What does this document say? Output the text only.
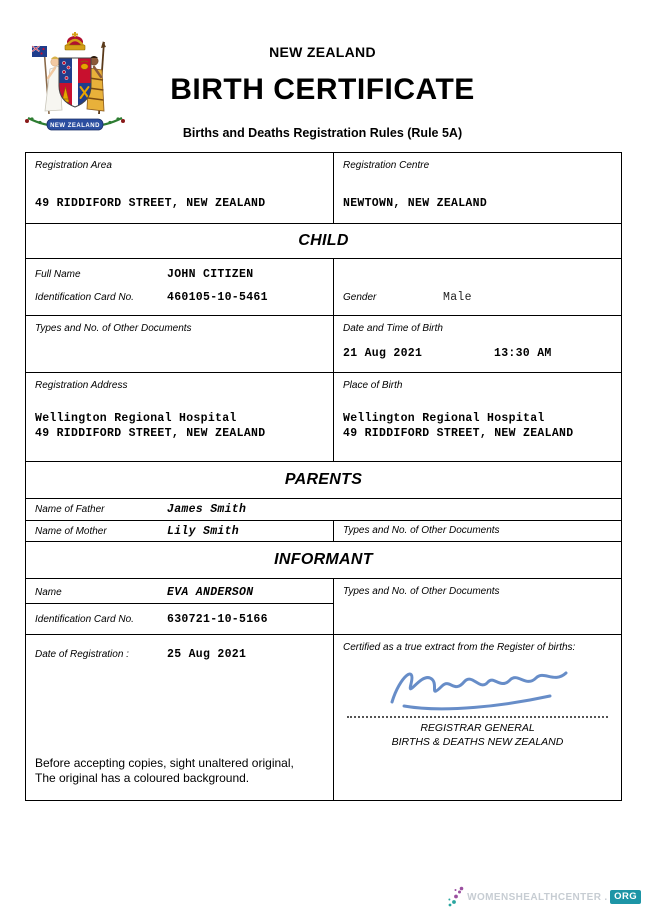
NEW ZEALAND
NEW ZEALAND
BIRTH CERTIFICATE
Births and Deaths Registration Rules (Rule 5A)
Registration Area
49 RIDDIFORD STREET, NEW ZEALAND
Registration Centre
NEWTOWN, NEW ZEALAND
CHILD
Full Name	JOHN CITIZEN
Identification Card No.	460105-10-5461	Gender	Male
Types and No. of Other Documents	Date and Time of Birth
21 Aug 2021	13:30 AM
Registration Address
Wellington Regional Hospital
49 RIDDIFORD STREET, NEW ZEALAND
Place of Birth
Wellington Regional Hospital
49 RIDDIFORD STREET, NEW ZEALAND
PARENTS
Name of Father	James Smith
Name of Mother	Lily Smith	Types and No. of Other Documents
INFORMANT
Name	EVA ANDERSON
Identification Card No.	630721-10-5166
Types and No. of Other Documents
Date of Registration :	25 Aug 2021
Before accepting copies, sight unaltered original,
The original has a coloured background.
Certified as a true extract from the Register of births:
REGISTRAR GENERAL
BIRTHS & DEATHS NEW ZEALAND
WOMENSHEALTHCENTER . ORG
